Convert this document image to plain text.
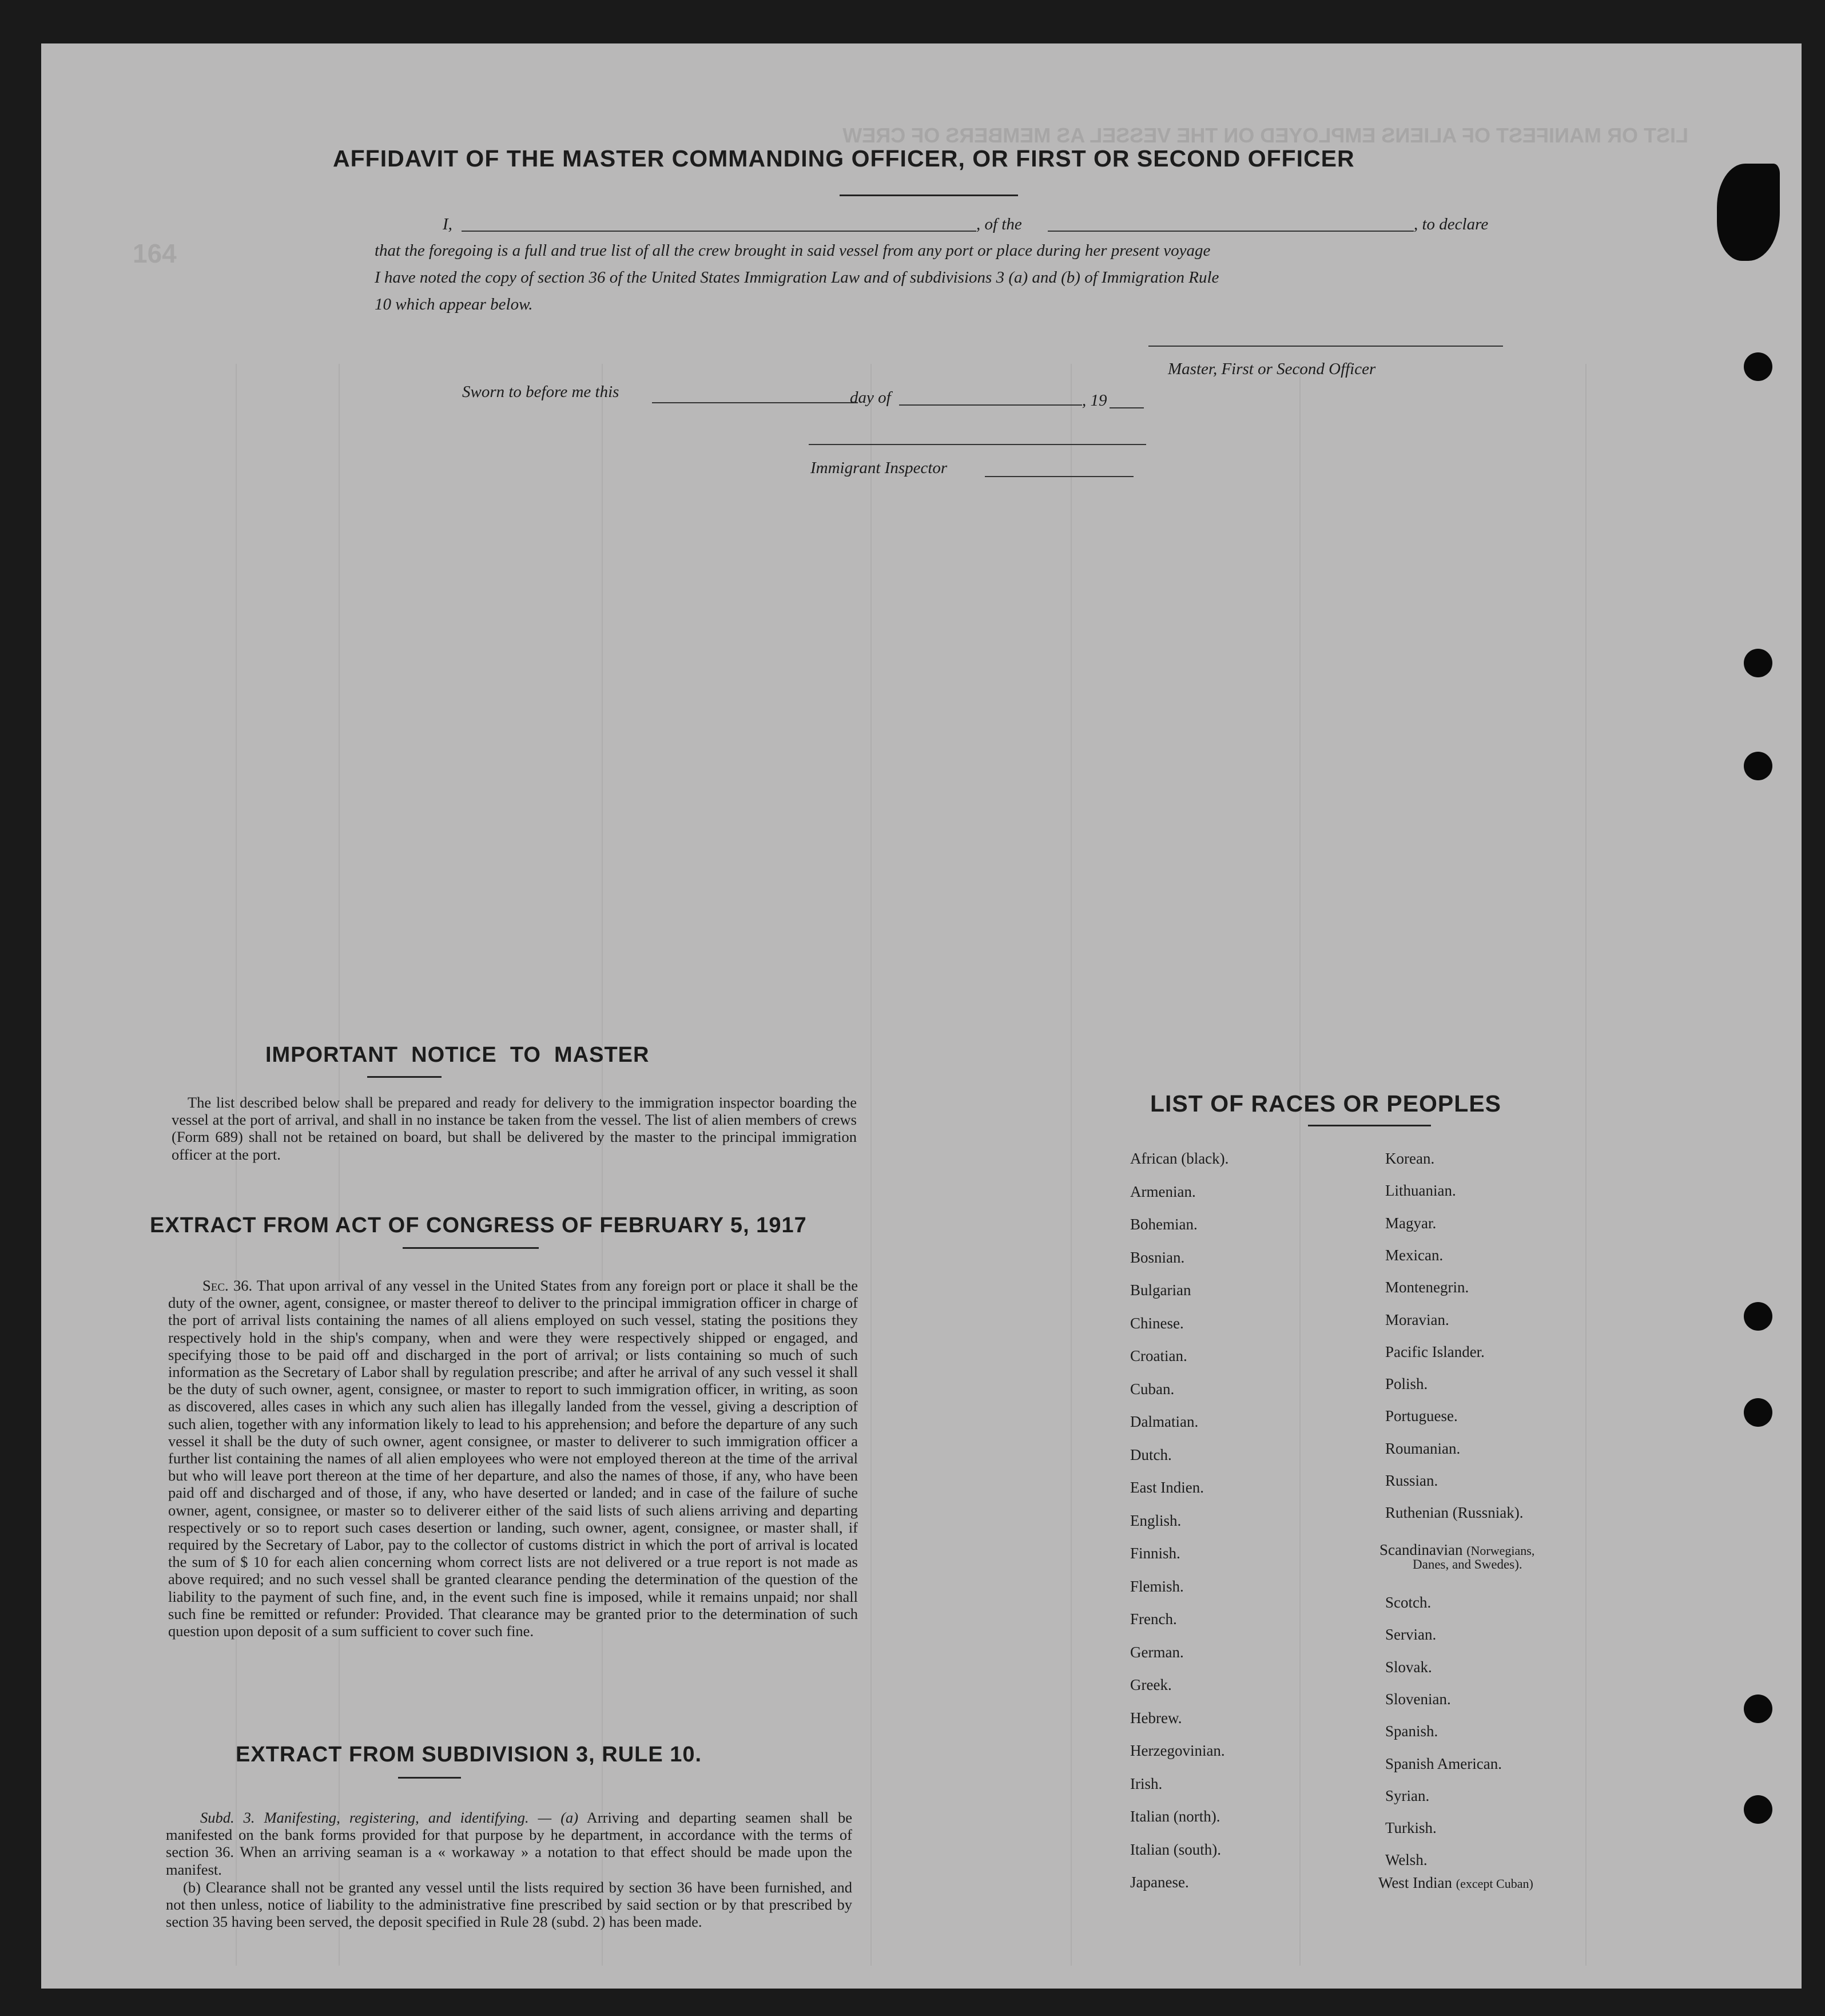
LIST OR MANIFEST OF ALIENS EMPLOYED ON THE VESSEL AS MEMBERS OF CREW
164
AFFIDAVIT OF THE MASTER COMMANDING OFFICER, OR FIRST OR SECOND OFFICER
I,	, of the	, to declare
that the foregoing is a full and true list of all the crew brought in said vessel from any port or place during her present voyage
I have noted the copy of section 36 of the United States Immigration Law and of subdivisions 3 (a) and (b) of Immigration Rule
10 which appear below.
Master, First or Second Officer
Sworn to before me this	day of	, 19
Immigrant Inspector
IMPORTANT  NOTICE  TO  MASTER
The list described below shall be prepared and ready for delivery to the immigration inspector boarding the vessel at the port of arrival, and shall in no instance be taken from the vessel. The list of alien members of crews (Form 689) shall not be retained on board, but shall be delivered by the master to the principal immigration officer at the port.
EXTRACT FROM ACT OF CONGRESS OF FEBRUARY 5, 1917
Sec. 36. That upon arrival of any vessel in the United States from any foreign port or place it shall be the duty of the owner, agent, consignee, or master thereof to deliver to the principal immigration officer in charge of the port of arrival lists containing the names of all aliens employed on such vessel, stating the positions they respectively hold in the ship's company, when and were they were respectively shipped or engaged, and specifying those to be paid off and discharged in the port of arrival; or lists containing so much of such information as the Secretary of Labor shall by regulation prescribe; and after he arrival of any such vessel it shall be the duty of such owner, agent, consignee, or master to report to such immigration officer, in writing, as soon as discovered, alles cases in which any such alien has illegally landed from the vessel, giving a description of such alien, together with any information likely to lead to his apprehension; and before the departure of any such vessel it shall be the duty of such owner, agent consignee, or master to deliverer to such immigration officer a further list containing the names of all alien employees who were not employed thereon at the time of the arrival but who will leave port thereon at the time of her departure, and also the names of those, if any, who have been paid off and discharged and of those, if any, who have deserted or landed; and in case of the failure of suche owner, agent, consignee, or master so to deliverer either of the said lists of such aliens arriving and departing respectively or so to report such cases desertion or landing, such owner, agent, consignee, or master shall, if required by the Secretary of Labor, pay to the collector of customs district in which the port of arrival is located the sum of $ 10 for each alien concerning whom correct lists are not delivered or a true report is not made as above required; and no such vessel shall be granted clearance pending the determination of the question of the liability to the payment of such fine, and, in the event such fine is imposed, while it remains unpaid; nor shall such fine be remitted or refunder: Provided. That clearance may be granted prior to the determination of such question upon deposit of a sum sufficient to cover such fine.
EXTRACT FROM SUBDIVISION 3, RULE 10.
Subd. 3. Manifesting, registering, and identifying. — (a) Arriving and departing seamen shall be manifested on the bank forms provided for that purpose by he department, in accordance with the terms of section 36. When an arriving seaman is a « workaway » a notation to that effect should be made upon the manifest.
(b) Clearance shall not be granted any vessel until the lists required by section 36 have been furnished, and not then unless, notice of liability to the administrative fine prescribed by said section or by that prescribed by section 35 having been served, the deposit specified in Rule 28 (subd. 2) has been made.
LIST OF RACES OR PEOPLES
African (black).
Armenian.
Bohemian.
Bosnian.
Bulgarian
Chinese.
Croatian.
Cuban.
Dalmatian.
Dutch.
East Indien.
English.
Finnish.
Flemish.
French.
German.
Greek.
Hebrew.
Herzegovinian.
Irish.
Italian (north).
Italian (south).
Japanese.
Korean.
Lithuanian.
Magyar.
Mexican.
Montenegrin.
Moravian.
Pacific Islander.
Polish.
Portuguese.
Roumanian.
Russian.
Ruthenian (Russniak).
Scandinavian (Norwegians,
Danes, and Swedes).
Scotch.
Servian.
Slovak.
Slovenian.
Spanish.
Spanish American.
Syrian.
Turkish.
Welsh.
West Indian (except Cuban)
